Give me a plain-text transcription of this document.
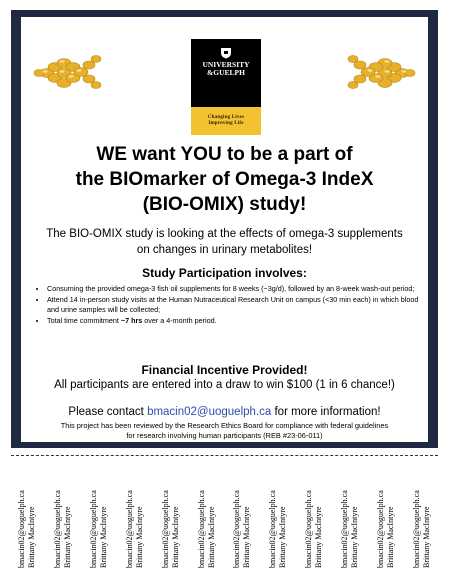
UNIVERSITY
&GUELPH
Changing Lives
Improving Life
WE want YOU to be a part of
the BIOmarker of Omega-3 IndeX
(BIO-OMIX) study!
The BIO-OMIX study is looking at the effects of omega-3 supplements
on changes in urinary metabolites!
Study Participation involves:
• Consuming the provided omega-3 fish oil supplements for 8 weeks (~3g/d), followed by an 8-week wash-out period;
• Attend 14 in-person study visits at the Human Nutraceutical Research Unit on campus (<30 min each) in which blood and urine samples will be collected;
• Total time commitment ~7 hrs over a 4-month period.
Financial Incentive Provided!
All participants are entered into a draw to win $100 (1 in 6 chance!)
Please contact bmacin02@uoguelph.ca for more information!
This project has been reviewed by the Research Ethics Board for compliance with federal guidelines
for research involving human participants (REB #23-06-011)
bmacin02@uoguelph.ca Brittany MacIntyre bmacin02@uoguelph.ca Brittany MacIntyre bmacin02@uoguelph.ca Brittany MacIntyre bmacin02@uoguelph.ca Brittany MacIntyre bmacin02@uoguelph.ca Brittany MacIntyre bmacin02@uoguelph.ca Brittany MacIntyre bmacin02@uoguelph.ca Brittany MacIntyre bmacin02@uoguelph.ca Brittany MacIntyre bmacin02@uoguelph.ca Brittany MacIntyre bmacin02@uoguelph.ca Brittany MacIntyre bmacin02@uoguelph.ca Brittany MacIntyre bmacin02@uoguelph.ca Brittany MacIntyre
